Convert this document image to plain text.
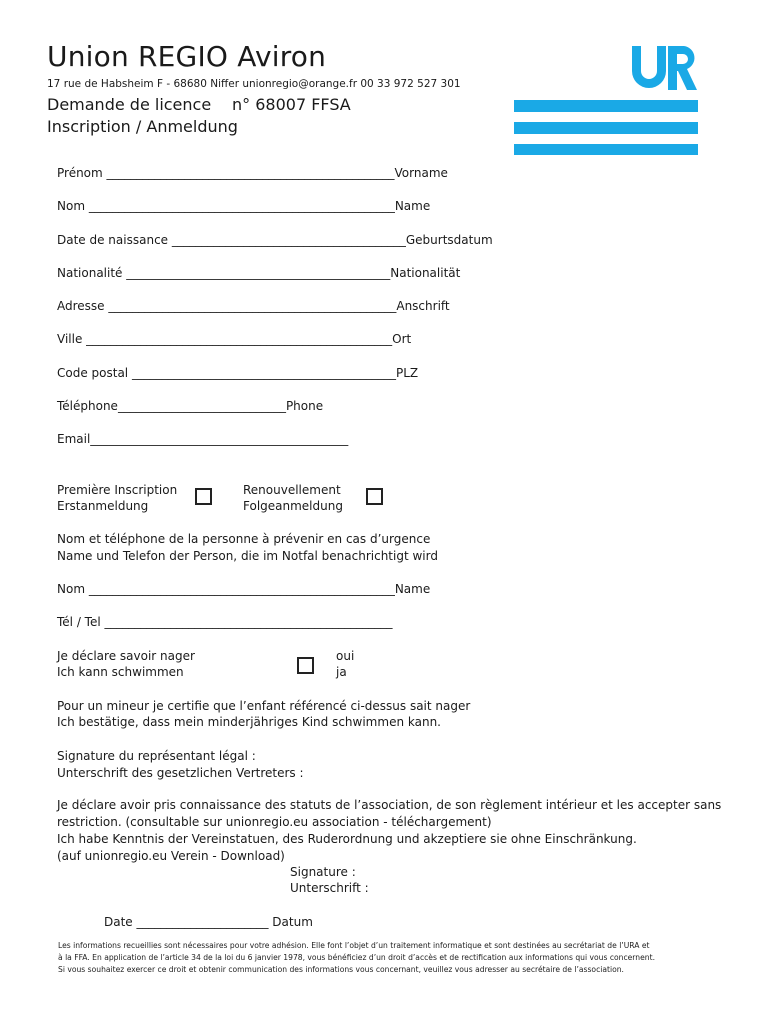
Union REGIO Aviron
17 rue de Habsheim F - 68680 Niffer unionregio@orange.fr 00 33 972 527 301
Demande de licence n° 68007 FFSA
Inscription / Anmeldung
Prénom ________________________________________________Vorname
Nom ___________________________________________________Name
Date de naissance _______________________________________Geburtsdatum
Nationalité ____________________________________________Nationalität
Adresse ________________________________________________Anschrift
Ville ___________________________________________________Ort
Code postal ____________________________________________PLZ
Téléphone____________________________Phone
Email___________________________________________
Première Inscription
Erstanmeldung
Renouvellement
Folgeanmeldung
Nom et téléphone de la personne à prévenir en cas d’urgence
Name und Telefon der Person, die im Notfal benachrichtigt wird
Nom ___________________________________________________Name
Tél / Tel ________________________________________________
Je déclare savoir nager
Ich kann schwimmen
oui
ja
Pour un mineur je certifie que l’enfant référencé ci-dessus sait nager
Ich bestätige, dass mein minderjähriges Kind schwimmen kann.
Signature du représentant légal :
Unterschrift des gesetzlichen Vertreters :
Je déclare avoir pris connaissance des statuts de l’association, de son règlement intérieur et les accepter sans
restriction. (consultable sur unionregio.eu association - téléchargement)
Ich habe Kenntnis der Vereinstatuen, des Ruderordnung und akzeptiere sie ohne Einschränkung.
(auf unionregio.eu Verein - Download)
Signature :
Unterschrift :
Date ______________________ Datum
Les informations recueillies sont nécessaires pour votre adhésion. Elle font l’objet d’un traitement informatique et sont destinées au secrétariat de l’URA et
à la FFA. En application de l’article 34 de la loi du 6 janvier 1978, vous bénéficiez d’un droit d’accès et de rectification aux informations qui vous concernent.
Si vous souhaitez exercer ce droit et obtenir communication des informations vous concernant, veuillez vous adresser au secrétaire de l’association.
